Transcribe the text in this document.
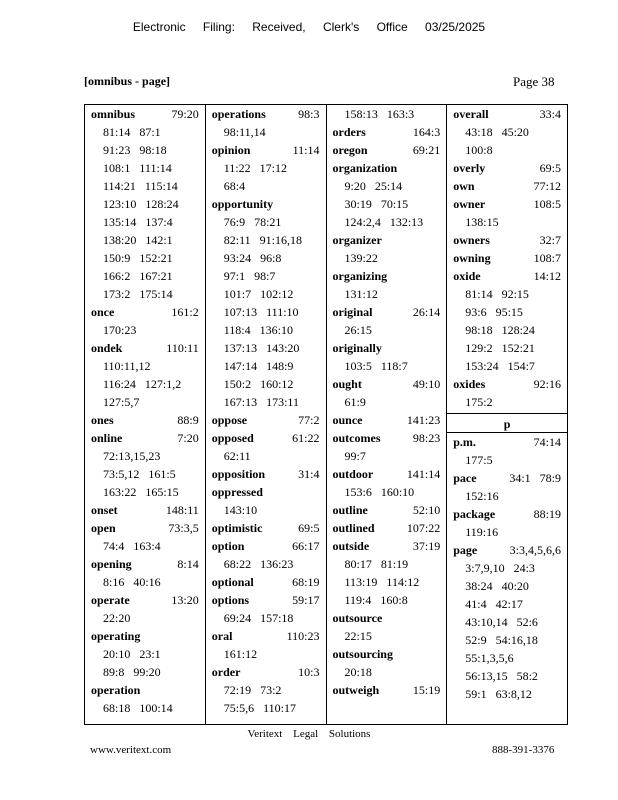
Electronic Filing: Received, Clerk's Office 03/25/2025
[omnibus - page]	Page 38
omnibus	79:20
81:14   87:1
91:23   98:18
108:1   111:14
114:21   115:14
123:10   128:24
135:14   137:4
138:20   142:1
150:9   152:21
166:2   167:21
173:2   175:14
once	161:2
170:23
ondek	110:11
110:11,12
116:24   127:1,2
127:5,7
ones	88:9
online	7:20
72:13,15,23
73:5,12   161:5
163:22   165:15
onset	148:11
open	73:3,5
74:4   163:4
opening	8:14
8:16   40:16
operate	13:20
22:20
operating
20:10   23:1
89:8   99:20
operation
68:18   100:14
operations	98:3
98:11,14
opinion	11:14
11:22   17:12
68:4
opportunity
76:9   78:21
82:11   91:16,18
93:24   96:8
97:1   98:7
101:7   102:12
107:13   111:10
118:4   136:10
137:13   143:20
147:14   148:9
150:2   160:12
167:13   173:11
oppose	77:2
opposed	61:22
62:11
opposition	31:4
oppressed
143:10
optimistic	69:5
option	66:17
68:22   136:23
optional	68:19
options	59:17
69:24   157:18
oral	110:23
161:12
order	10:3
72:19   73:2
75:5,6   110:17
158:13   163:3
orders	164:3
oregon	69:21
organization
9:20   25:14
30:19   70:15
124:2,4   132:13
organizer
139:22
organizing
131:12
original	26:14
26:15
originally
103:5   118:7
ought	49:10
61:9
ounce	141:23
outcomes	98:23
99:7
outdoor	141:14
153:6   160:10
outline	52:10
outlined	107:22
outside	37:19
80:17   81:19
113:19   114:12
119:4   160:8
outsource
22:15
outsourcing
20:18
outweigh	15:19
overall	33:4
43:18   45:20
100:8
overly	69:5
own	77:12
owner	108:5
138:15
owners	32:7
owning	108:7
oxide	14:12
81:14   92:15
93:6   95:15
98:18   128:24
129:2   152:21
153:24   154:7
oxides	92:16
175:2
p
p.m.	74:14
177:5
pace	34:1   78:9
152:16
package	88:19
119:16
page	3:3,4,5,6,6
3:7,9,10   24:3
38:24   40:20
41:4   42:17
43:10,14   52:6
52:9   54:16,18
55:1,3,5,6
56:13,15   58:2
59:1   63:8,12
Veritext Legal Solutions
www.veritext.com	888-391-3376
